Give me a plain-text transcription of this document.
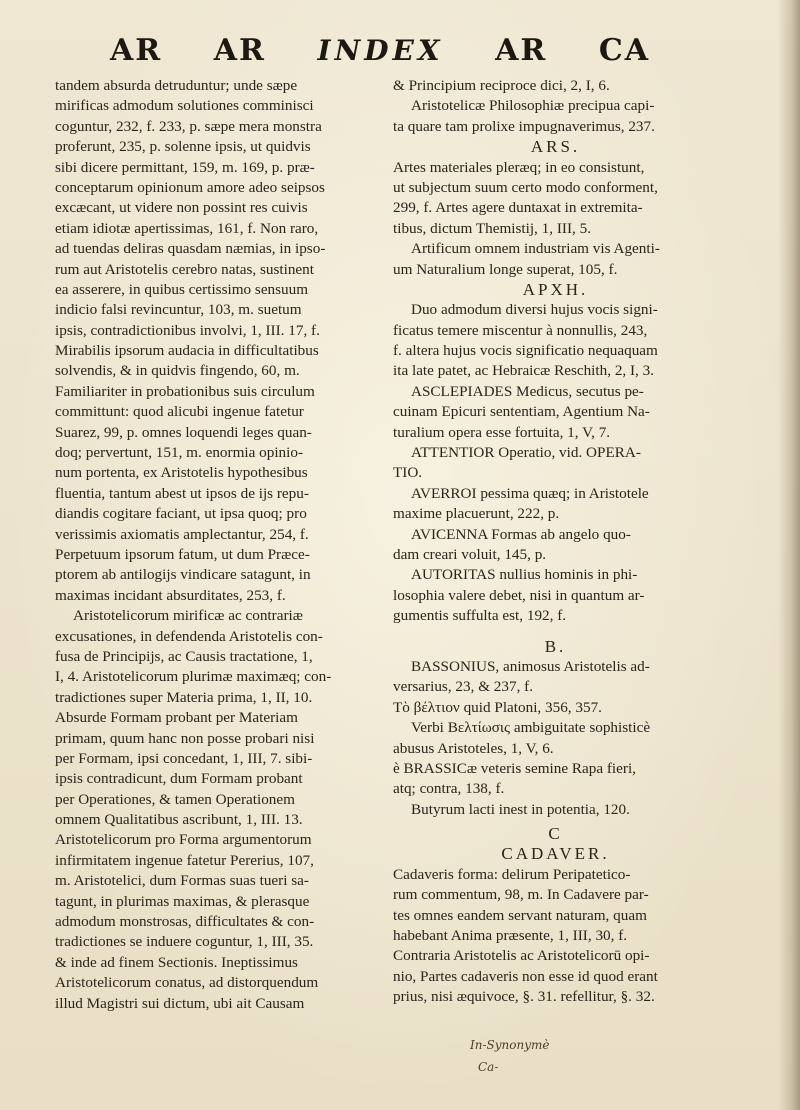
AR AR INDEX AR CA
tandem absurda detruduntur; unde sæpe
mirificas admodum solutiones comminisci
coguntur, 232, f. 233, p. sæpe mera monstra
proferunt, 235, p. solenne ipsis, ut quidvis
sibi dicere permittant, 159, m. 169, p. præ-
conceptarum opinionum amore adeo seipsos
excæcant, ut videre non possint res cuivis
etiam idiotæ apertissimas, 161, f. Non raro,
ad tuendas deliras quasdam næmias, in ipso-
rum aut Aristotelis cerebro natas, sustinent
ea asserere, in quibus certissimo sensuum
indicio falsi revincuntur, 103, m. suetum
ipsis, contradictionibus involvi, 1, III. 17, f.
Mirabilis ipsorum audacia in difficultatibus
solvendis, & in quidvis fingendo, 60, m.
Familiariter in probationibus suis circulum
committunt: quod alicubi ingenue fatetur
Suarez, 99, p. omnes loquendi leges quan-
doq; pervertunt, 151, m. enormia opinio-
num portenta, ex Aristotelis hypothesibus
fluentia, tantum abest ut ipsos de ijs repu-
diandis cogitare faciant, ut ipsa quoq; pro
verissimis axiomatis amplectantur, 254, f.
Perpetuum ipsorum fatum, ut dum Præce-
ptorem ab antilogijs vindicare satagunt, in
maximas incidant absurditates, 253, f.
Aristotelicorum mirificæ ac contrariæ
excusationes, in defendenda Aristotelis con-
fusa de Principijs, ac Causis tractatione, 1,
I, 4. Aristotelicorum plurimæ maximæq; con-
tradictiones super Materia prima, 1, II, 10.
Absurde Formam probant per Materiam
primam, quum hanc non posse probari nisi
per Formam, ipsi concedant, 1, III, 7. sibi-
ipsis contradicunt, dum Formam probant
per Operationes, & tamen Operationem
omnem Qualitatibus ascribunt, 1, III. 13.
Aristotelicorum pro Forma argumentorum
infirmitatem ingenue fatetur Pererius, 107,
m. Aristotelici, dum Formas suas tueri sa-
tagunt, in plurimas maximas, & plerasque
admodum monstrosas, difficultates & con-
tradictiones se induere coguntur, 1, III, 35.
& inde ad finem Sectionis. Ineptissimus
Aristotelicorum conatus, ad distorquendum
illud Magistri sui dictum, ubi ait Causam
& Principium reciproce dici, 2, I, 6.
Aristotelicæ Philosophiæ precipua capi-
ta quare tam prolixe impugnaverimus, 237.
ARS.
Artes materiales pleræq; in eo consistunt,
ut subjectum suum certo modo conforment,
299, f. Artes agere duntaxat in extremita-
tibus, dictum Themistij, 1, III, 5.
Artificum omnem industriam vis Agenti-
um Naturalium longe superat, 105, f.
ΑΡΧΗ.
Duo admodum diversi hujus vocis signi-
ficatus temere miscentur à nonnullis, 243,
f. altera hujus vocis significatio nequaquam
ita late patet, ac Hebraicæ Reschith, 2, I, 3.
ASCLEPIADES Medicus, secutus pe-
cuinam Epicuri sententiam, Agentium Na-
turalium opera esse fortuita, 1, V, 7.
ATTENTIOR Operatio, vid. OPERA-
TIO.
AVERROI pessima quæq; in Aristotele
maxime placuerunt, 222, p.
AVICENNA Formas ab angelo quo-
dam creari voluit, 145, p.
AUTORITAS nullius hominis in phi-
losophia valere debet, nisi in quantum ar-
gumentis suffulta est, 192, f.
B.
BASSONIUS, animosus Aristotelis ad-
versarius, 23, & 237, f.
Τὸ βέλτιον quid Platoni, 356, 357.
Verbi Βελτίωσις ambiguitate sophisticè
abusus Aristoteles, 1, V, 6.
è BRASSICæ veteris semine Rapa fieri,
atq; contra, 138, f.
Butyrum lacti inest in potentia, 120.
C
CADAVER.
Cadaveris forma: delirum Peripatetico-
rum commentum, 98, m. In Cadavere par-
tes omnes eandem servant naturam, quam
habebant Anima præsente, 1, III, 30, f.
Contraria Aristotelis ac Aristotelicorū opi-
nio, Partes cadaveris non esse id quod erant
prius, nisi æquivoce, §. 31. refellitur, §. 32.
In-Synonymè
Ca-
